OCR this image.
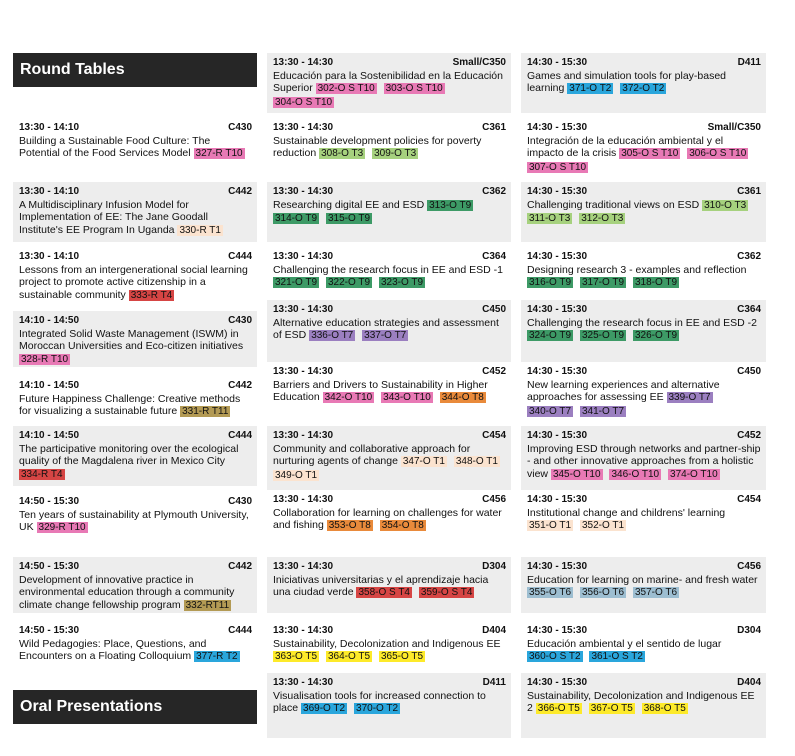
Round Tables
Oral Presentations
13:30 - 14:10	C430
Building a Sustainable Food Culture: The Potential of the Food Services Model 327-R T10
13:30 - 14:10	C442
A Multidisciplinary Infusion Model for Implementation of EE: The Jane Goodall Institute's EE Program In Uganda 330-R T1
13:30 - 14:10	C444
Lessons from an intergenerational social learning project to promote active citizenship in a sustainable community 333-R T4
14:10 - 14:50	C430
Integrated Solid Waste Management (ISWM) in Moroccan Universities and Eco-citizen initiatives 328-R T10
14:10 - 14:50	C442
Future Happiness Challenge: Creative methods for visualizing a sustainable future 331-R T11
14:10 - 14:50	C444
The participative monitoring over the ecological quality of the Magdalena river in Mexico City 334-R T4
14:50 - 15:30	C430
Ten years of sustainability at Plymouth University, UK 329-R T10
14:50 - 15:30	C442
Development of innovative practice in environmental education through a community climate change fellowship program 332-RT11
14:50 - 15:30	C444
Wild Pedagogies: Place, Questions, and Encounters on a Floating Colloquium 377-R T2
13:30 - 14:30	Small/C350
Educación para la Sostenibilidad en la Educación Superior 302-O S T10 303-O S T10 304-O S T10
13:30 - 14:30	C361
Sustainable development policies for poverty reduction 308-O T3 309-O T3
13:30 - 14:30	C362
Researching digital EE and ESD 313-O T9 314-O T9 315-O T9
13:30 - 14:30	C364
Challenging the research focus in EE and ESD -1 321-O T9 322-O T9 323-O T9
13:30 - 14:30	C450
Alternative education strategies and assessment of ESD 336-O T7 337-O T7
13:30 - 14:30	C452
Barriers and Drivers to Sustainability in Higher Education 342-O T10 343-O T10 344-O T8
13:30 - 14:30	C454
Community and collaborative approach for nurturing agents of change 347-O T1 348-O T1 349-O T1
13:30 - 14:30	C456
Collaboration for learning on challenges for water and fishing 353-O T8 354-O T8
13:30 - 14:30	D304
Iniciativas universitarias y el aprendizaje hacia una ciudad verde 358-O S T4 359-O S T4
13:30 - 14:30	D404
Sustainability, Decolonization and Indigenous EE 363-O T5 364-O T5 365-O T5
13:30 - 14:30	D411
Visualisation tools for increased connection to place 369-O T2 370-O T2
14:30 - 15:30	D411
Games and simulation tools for play-based learning 371-O T2 372-O T2
14:30 - 15:30	Small/C350
Integración de la educación ambiental y el impacto de la crisis 305-O S T10 306-O S T10 307-O S T10
14:30 - 15:30	C361
Challenging traditional views on ESD 310-O T3 311-O T3 312-O T3
14:30 - 15:30	C362
Designing research 3 - examples and reflection 316-O T9 317-O T9 318-O T9
14:30 - 15:30	C364
Challenging the research focus in EE and ESD -2 324-O T9 325-O T9 326-O T9
14:30 - 15:30	C450
New learning experiences and alternative approaches for assessing EE 339-O T7 340-O T7 341-O T7
14:30 - 15:30	C452
Improving ESD through networks and partner-ship - and other innovative approaches from a holistic view 345-O T10 346-O T10 374-O T10
14:30 - 15:30	C454
Institutional change and childrens' learning 351-O T1 352-O T1
14:30 - 15:30	C456
Education for learning on marine- and fresh water 355-O T6 356-O T6 357-O T6
14:30 - 15:30	D304
Educación ambiental y el sentido de lugar 360-O S T2 361-O S T2
14:30 - 15:30	D404
Sustainability, Decolonization and Indigenous EE 2 366-O T5 367-O T5 368-O T5
